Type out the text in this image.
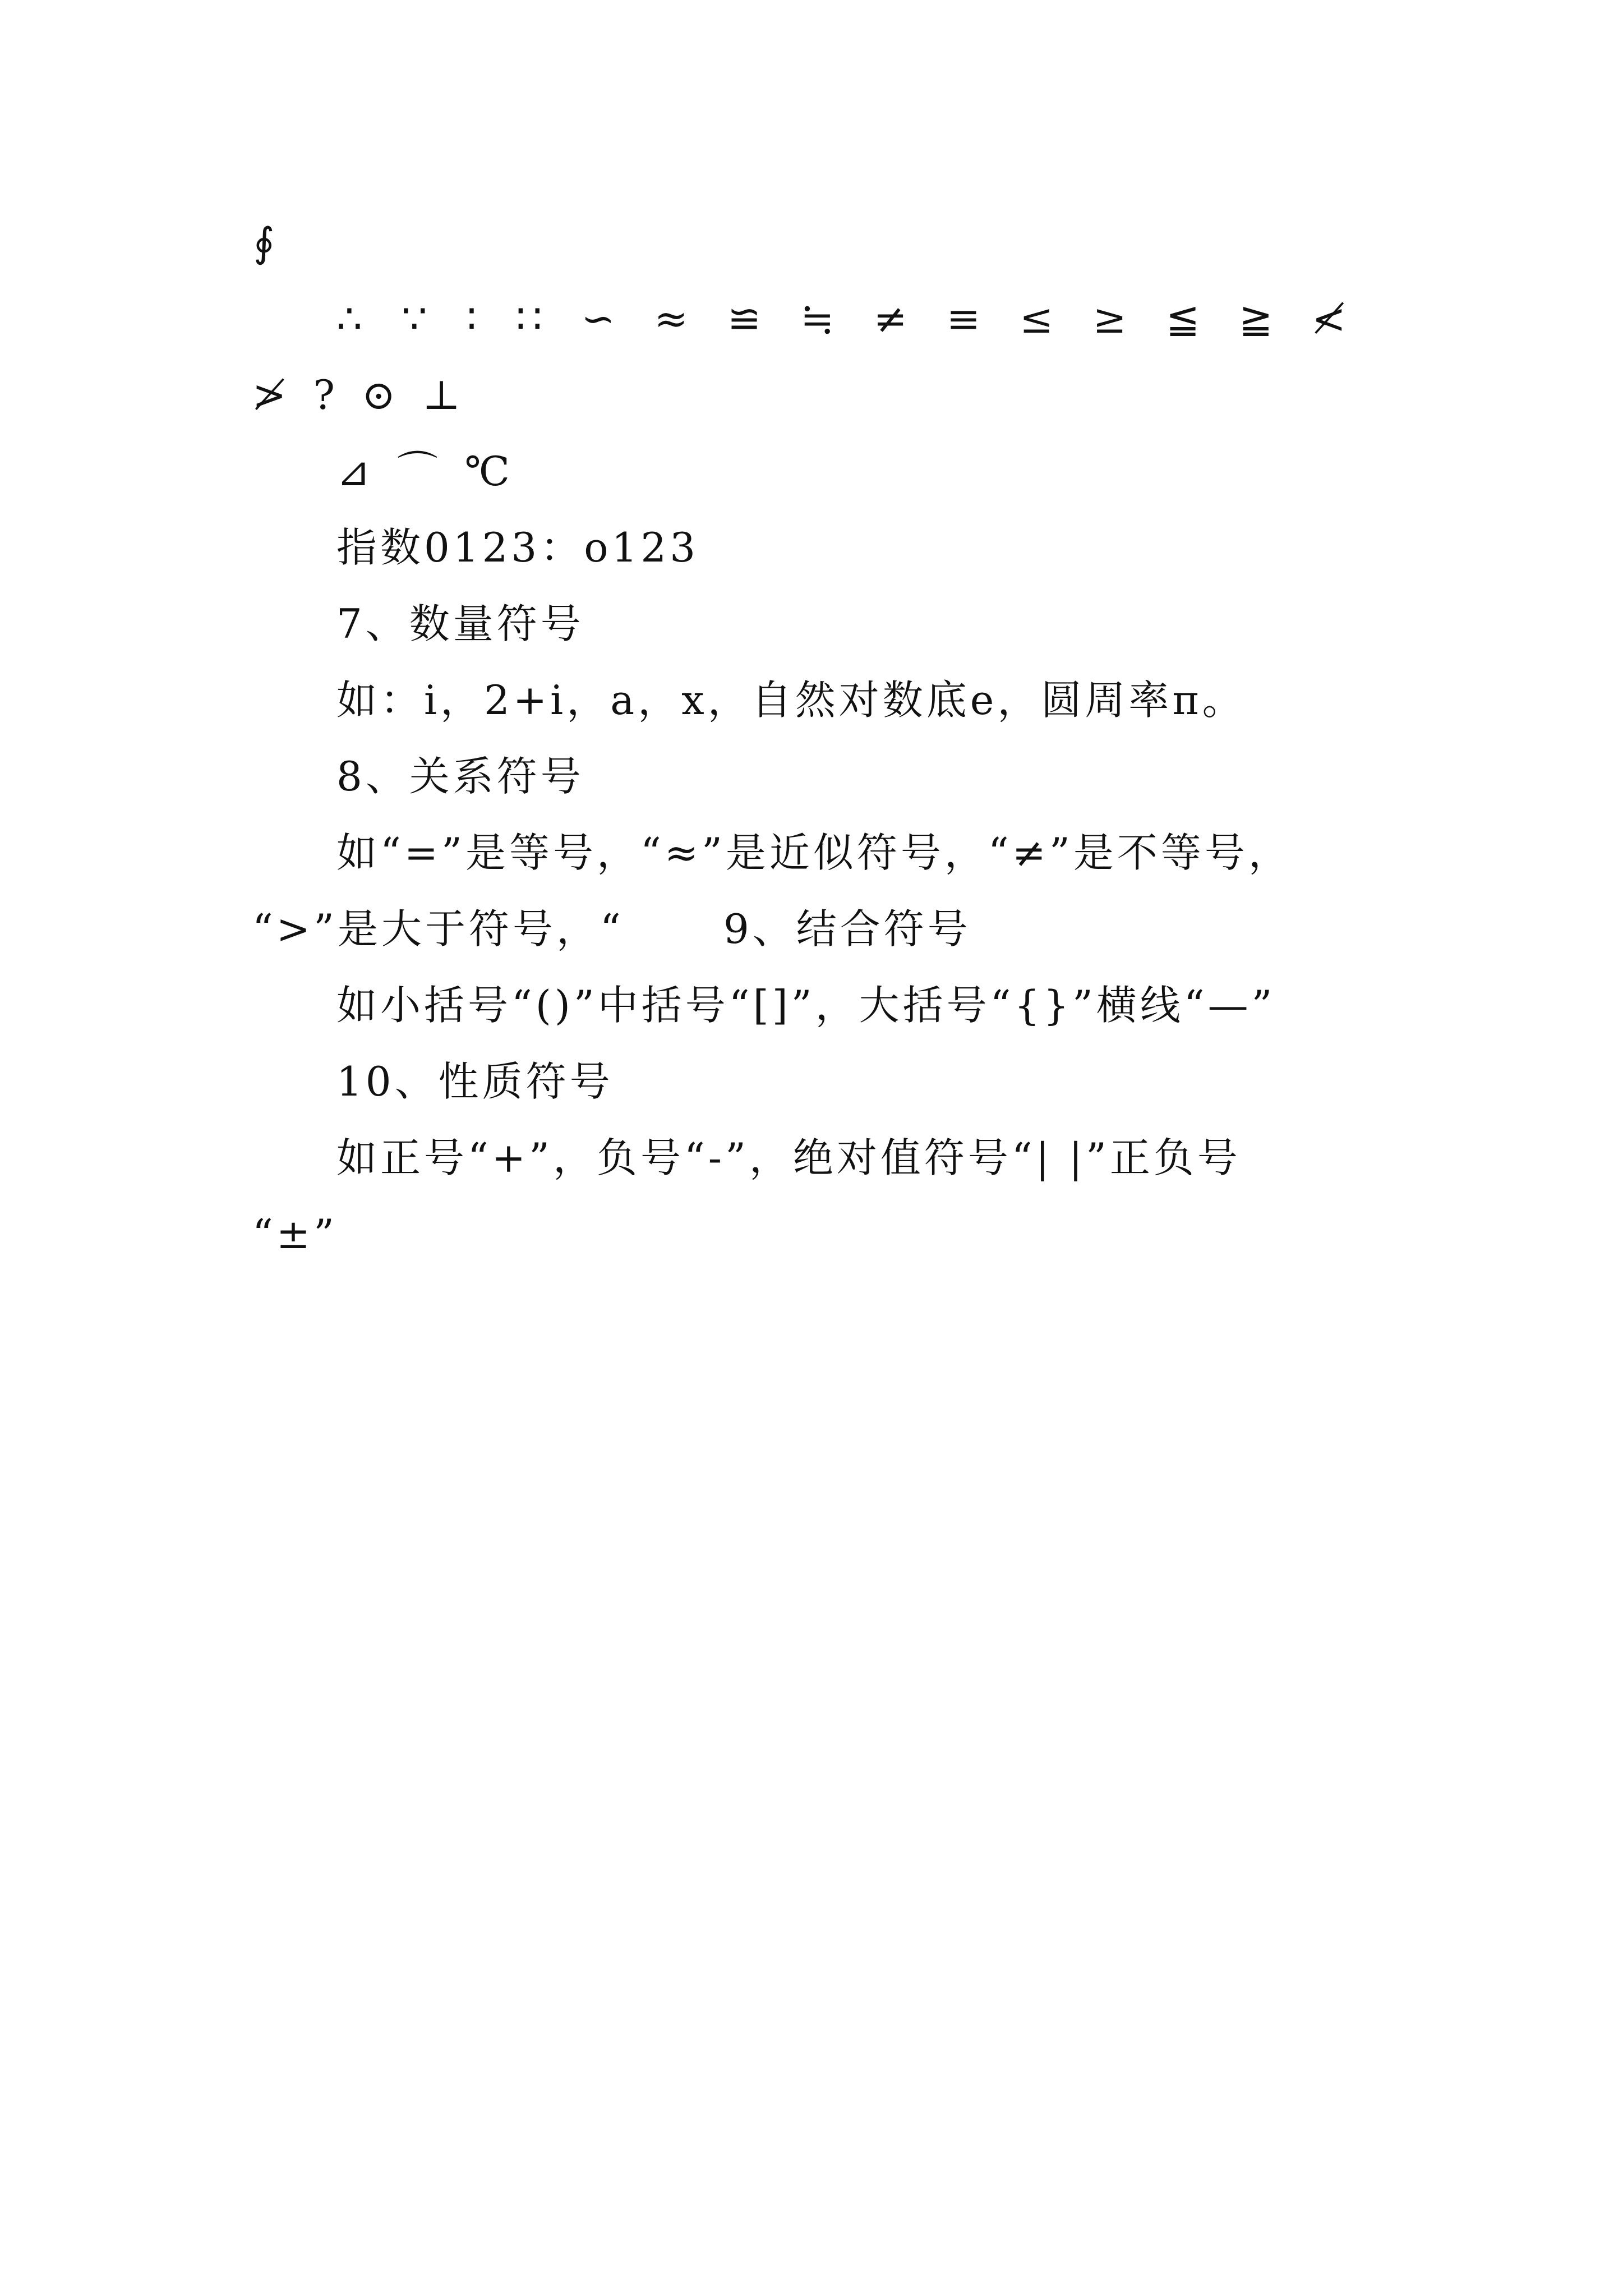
∮
∴ ∵ ∶ ∷ ∽ ≈ ≌ ≒ ≠ ≡ ≤ ≥ ≦ ≧ ≮
≯ ? ⊙ ⊥
⊿ ⌒ ℃
指数0123：o123
7、数量符号
如：i，2+i，a，x，自然对数底e，圆周率π。
8、关系符号
如“=”是等号，“≈”是近似符号，“≠”是不等号，
“>”是大于符号，“ 9、结合符号
如小括号“()”中括号“[]”，大括号“{}”横线“—”
10、性质符号
如正号“+”，负号“-”，绝对值符号“| |”正负号
“±”
